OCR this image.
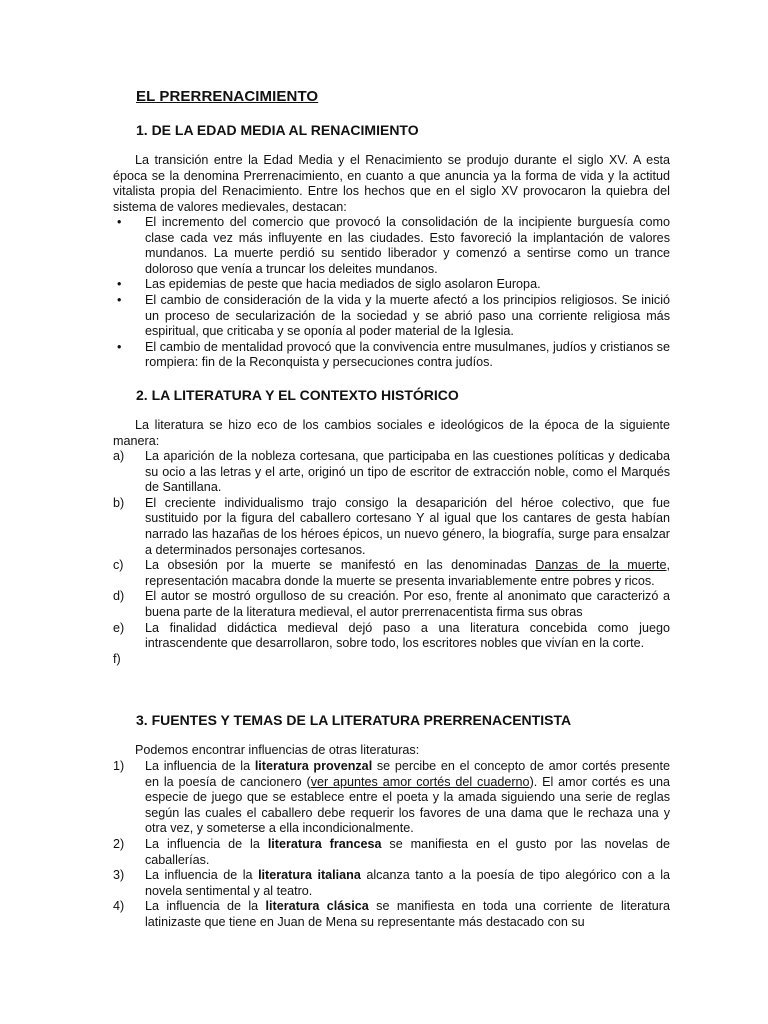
EL PRERRENACIMIENTO
1. DE LA EDAD MEDIA AL RENACIMIENTO
La transición entre la Edad Media y el Renacimiento se produjo durante el siglo XV. A esta época se la denomina Prerrenacimiento, en cuanto a que anuncia ya la forma de vida y la actitud vitalista propia del Renacimiento. Entre los hechos que en el siglo XV provocaron la quiebra del sistema de valores medievales, destacan:
•	El incremento del comercio que provocó la consolidación de la incipiente burguesía como clase cada vez más influyente en las ciudades. Esto favoreció la implantación de valores mundanos. La muerte perdió su sentido liberador y comenzó a sentirse como un trance doloroso que venía a truncar los deleites mundanos.
•	Las epidemias de peste que hacia mediados de siglo asolaron Europa.
•	El cambio de consideración de la vida y la muerte afectó a los principios religiosos. Se inició un proceso de secularización de la sociedad y se abrió paso una corriente religiosa más espiritual, que criticaba y se oponía al poder material de la Iglesia.
•	El cambio de mentalidad provocó que la convivencia entre musulmanes, judíos y cristianos se rompiera: fin de la Reconquista y persecuciones contra judíos.
2. LA LITERATURA Y EL CONTEXTO HISTÓRICO
La literatura se hizo eco de los cambios sociales e ideológicos de la época de la siguiente manera:
a)	La aparición de la nobleza cortesana, que participaba en las cuestiones políticas y dedicaba su ocio a las letras y el arte, originó un tipo de escritor de extracción noble, como el Marqués de Santillana.
b)	El creciente individualismo trajo consigo la desaparición del héroe colectivo, que fue sustituido por la figura del caballero cortesano Y al igual que los cantares de gesta habían narrado las hazañas de los héroes épicos, un nuevo género, la biografía, surge para ensalzar a determinados personajes cortesanos.
c)	La obsesión por la muerte se manifestó en las denominadas Danzas de la muerte, representación macabra donde la muerte se presenta invariablemente entre pobres y ricos.
d)	El autor se mostró orgulloso de su creación. Por eso, frente al anonimato que caracterizó a buena parte de la literatura medieval, el autor prerrenacentista firma sus obras
e)	La finalidad didáctica medieval dejó paso a una literatura concebida como juego intrascendente que desarrollaron, sobre todo, los escritores nobles que vivían en la corte.
f)

3. FUENTES Y TEMAS DE LA LITERATURA PRERRENACENTISTA
Podemos encontrar influencias de otras literaturas:
1)	La influencia de la literatura provenzal se percibe en el concepto de amor cortés presente en la poesía de cancionero (ver apuntes amor cortés del cuaderno). El amor cortés es una especie de juego que se establece entre el poeta y la amada siguiendo una serie de reglas según las cuales el caballero debe requerir los favores de una dama que le rechaza una y otra vez, y someterse a ella incondicionalmente.
2)	La influencia de la literatura francesa se manifiesta en el gusto por las novelas de caballerías.
3)	La influencia de la literatura italiana alcanza tanto a la poesía de tipo alegórico con a la novela sentimental y al teatro.
4)	La influencia de la literatura clásica se manifiesta en toda una corriente de literatura latinizaste que tiene en Juan de Mena su representante más destacado con su
